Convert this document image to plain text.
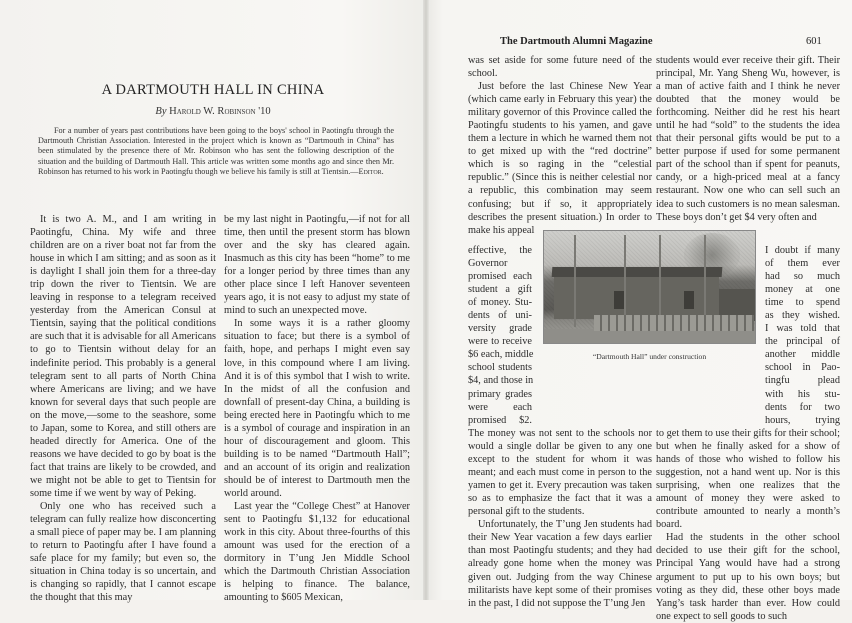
A DARTMOUTH HALL IN CHINA
By Harold W. Robinson '10
For a number of years past contributions have been going to the boys' school in Paotingfu through the Dartmouth Christian Association. Interested in the project which is known as “Dartmouth in China” has been stimulated by the presence there of Mr. Robinson who has sent the following description of the situation and the building of Dartmouth Hall. This article was written some months ago and since then Mr. Robinson has returned to his work in Paotingfu though we believe his family is still at Tientsin.—Editor.

It is two A. M., and I am writing in Paotingfu, China. My wife and three children are on a river boat not far from the house in which I am sitting; and as soon as it is daylight I shall join them for a three-day trip down the river to Tientsin. We are leaving in response to a telegram received yesterday from the American Consul at Tientsin, saying that the political conditions are such that it is advisable for all Americans to go to Tientsin without delay for an indefinite period. This probably is a general telegram sent to all parts of North China where Americans are living; and we have known for several days that such people are on the move,—some to the seashore, some to Japan, some to Korea, and still others are headed directly for America. One of the reasons we have decided to go by boat is the fact that trains are likely to be crowded, and we might not be able to get to Tientsin for some time if we went by way of Peking.

Only one who has received such a telegram can fully realize how disconcerting a small piece of paper may be. I am planning to return to Paotingfu after I have found a safe place for my family; but even so, the situation in China today is so uncertain, and is changing so rapidly, that I cannot escape the thought that this may

be my last night in Paotingfu,—if not for all time, then until the present storm has blown over and the sky has cleared again. Inasmuch as this city has been “home” to me for a longer period by three times than any other place since I left Hanover seventeen years ago, it is not easy to adjust my state of mind to such an unexpected move.

In some ways it is a rather gloomy situation to face; but there is a symbol of faith, hope, and perhaps I might even say love, in this compound where I am living. And it is of this symbol that I wish to write. In the midst of all the confusion and downfall of present-day China, a building is being erected here in Paotingfu which to me is a symbol of courage and inspiration in an hour of discouragement and gloom. This building is to be named “Dartmouth Hall”; and an account of its origin and realization should be of interest to Dartmouth men the world around.

Last year the “College Chest” at Hanover sent to Paotingfu $1,132 for educational work in this city. About three-fourths of this amount was used for the erection of a dormitory in T’ung Jen Middle School which the Dartmouth Christian Association is helping to finance. The balance, amounting to $605 Mexican,

The Dartmouth Alumni Magazine	601

was set aside for some future need of the school.

Just before the last Chinese New Year (which came early in February this year) the military governor of this Province called the Paotingfu students to his yamen, and gave them a lecture in which he warned them not to get mixed up with the “red doctrine” which is so raging in the “celestial republic.” (Since this is neither celestial nor a republic, this combination may seem confusing; but if so, it appropriately describes the present situation.) In order to make his appeal

effective, the
Governor
promised each
student a gift
of money. Stu-
dents of uni-
versity grade
were to receive
$6 each, middle
school students
$4, and those in
primary grades
were each
promised $2.

The money was not sent to the schools nor would a single dollar be given to any one except to the student for whom it was meant; and each must come in person to the yamen to get it. Every precaution was taken so as to emphasize the fact that it was a personal gift to the students.

Unfortunately, the T’ung Jen students had their New Year vacation a few days earlier than most Paotingfu students; and they had already gone home when the money was given out. Judging from the way Chinese militarists have kept some of their promises in the past, I did not suppose the T’ung Jen

students would ever receive their gift. Their principal, Mr. Yang Sheng Wu, however, is a man of active faith and I think he never doubted that the money would be forthcoming. Neither did he rest his heart until he had “sold” to the students the idea that their personal gifts would be put to a better purpose if used for some permanent part of the school than if spent for peanuts, candy, or a high-priced meal at a fancy restaurant. Now one who can sell such an idea to such customers is no mean salesman. These boys don’t get $4 very often and

I doubt if many
of them ever
had so much
money at one
time to spend
as they wished.
I was told that
the principal of
another middle
school in Pao-
tingfu plead
with his stu-
dents for two
hours, trying

to get them to use their gifts for their school; but when he finally asked for a show of hands of those who wished to follow his suggestion, not a hand went up. Nor is this surprising, when one realizes that the amount of money they were asked to contribute amounted to nearly a month’s board.

Had the students in the other school decided to use their gift for the school, Principal Yang would have had a strong argument to put up to his own boys; but voting as they did, these other boys made Yang’s task harder than ever. How could one expect to sell goods to such

“Dartmouth Hall” under construction
